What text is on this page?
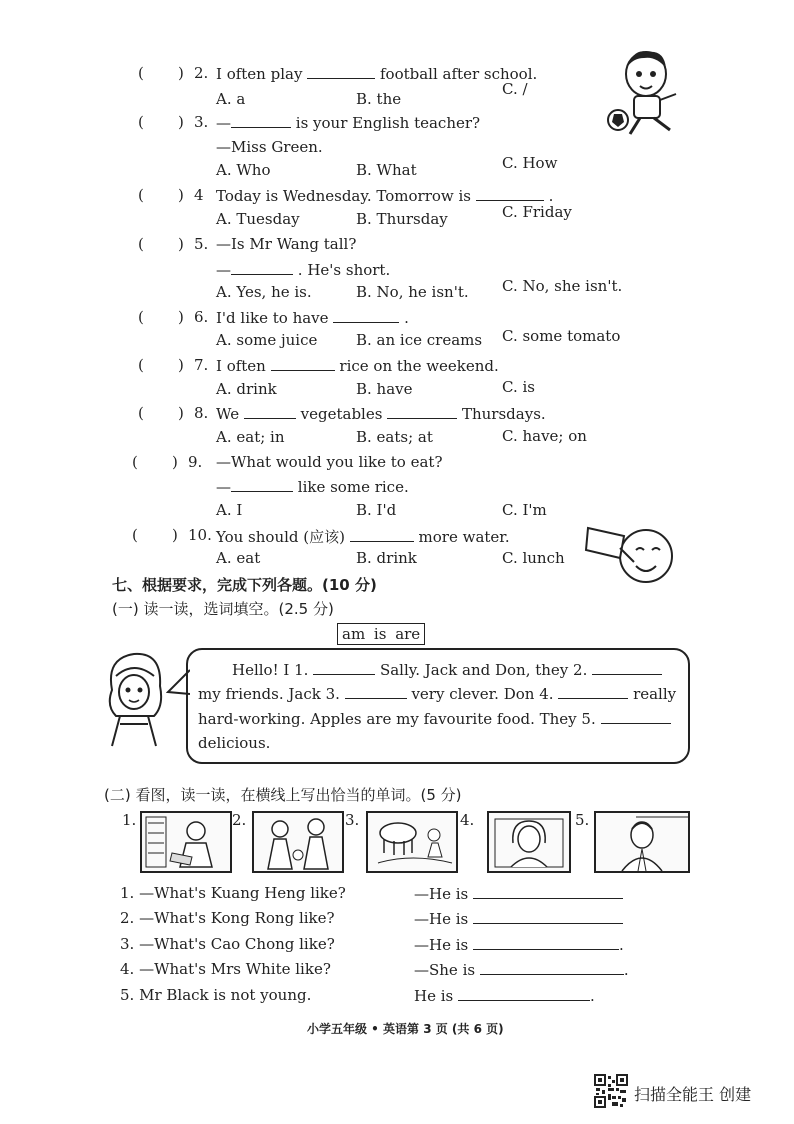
( ) 2. I often play	football after school.
A. a	B. the
C. /
( ) 3.
—Miss Green.
—	is your English teacher?
A. Who	B. What	C. How
( ) 4 Today is Wednesday. Tomorrow is	.
A. Tuesday	B. Thursday	C. Friday
( ) 5.
—	. He's short.
—Is Mr Wang tall?
A. Yes, he is.	B. No, he isn't. C. No, she isn't.
( ) 6. I'd like to have	.
A. some juice	B. an ice creams C. some tomato
( ) 7. I often	rice on the weekend.
A. drink	B. have	C. is
( ) 8. We	vegetables	Thursdays.
A. eat; in	B. eats; at	C. have; on
( ) 9.
—	like some rice.
—What would you like to eat?
A. I	B. I'd	C. I'm
( ) 10. You should (应该)	more water.
A. eat	B. drink	C. lunch
七、根据要求，完成下列各题。(10 分)
(一) 读一读，选词填空。(2.5 分)
am is are
Hello! I 1.	Sally. Jack and Don, they 2.
my friends. Jack 3.	very clever. Don 4.	really
hard-working. Apples are my favourite food. They 5.
delicious.
(二) 看图，读一读，在横线上写出恰当的单词。(5 分)
1.	2.	3.	4.	5.
1. —What's Kuang Heng like?	—He is
2. —What's Kong Rong like?	—He is
3. —What's Cao Chong like?	—He is	.
4. —What's Mrs White like?	—She is	.
5. Mr Black is not young.	He is	.
小学五年级 • 英语第 3 页 (共 6 页)
扫描全能王 创建
